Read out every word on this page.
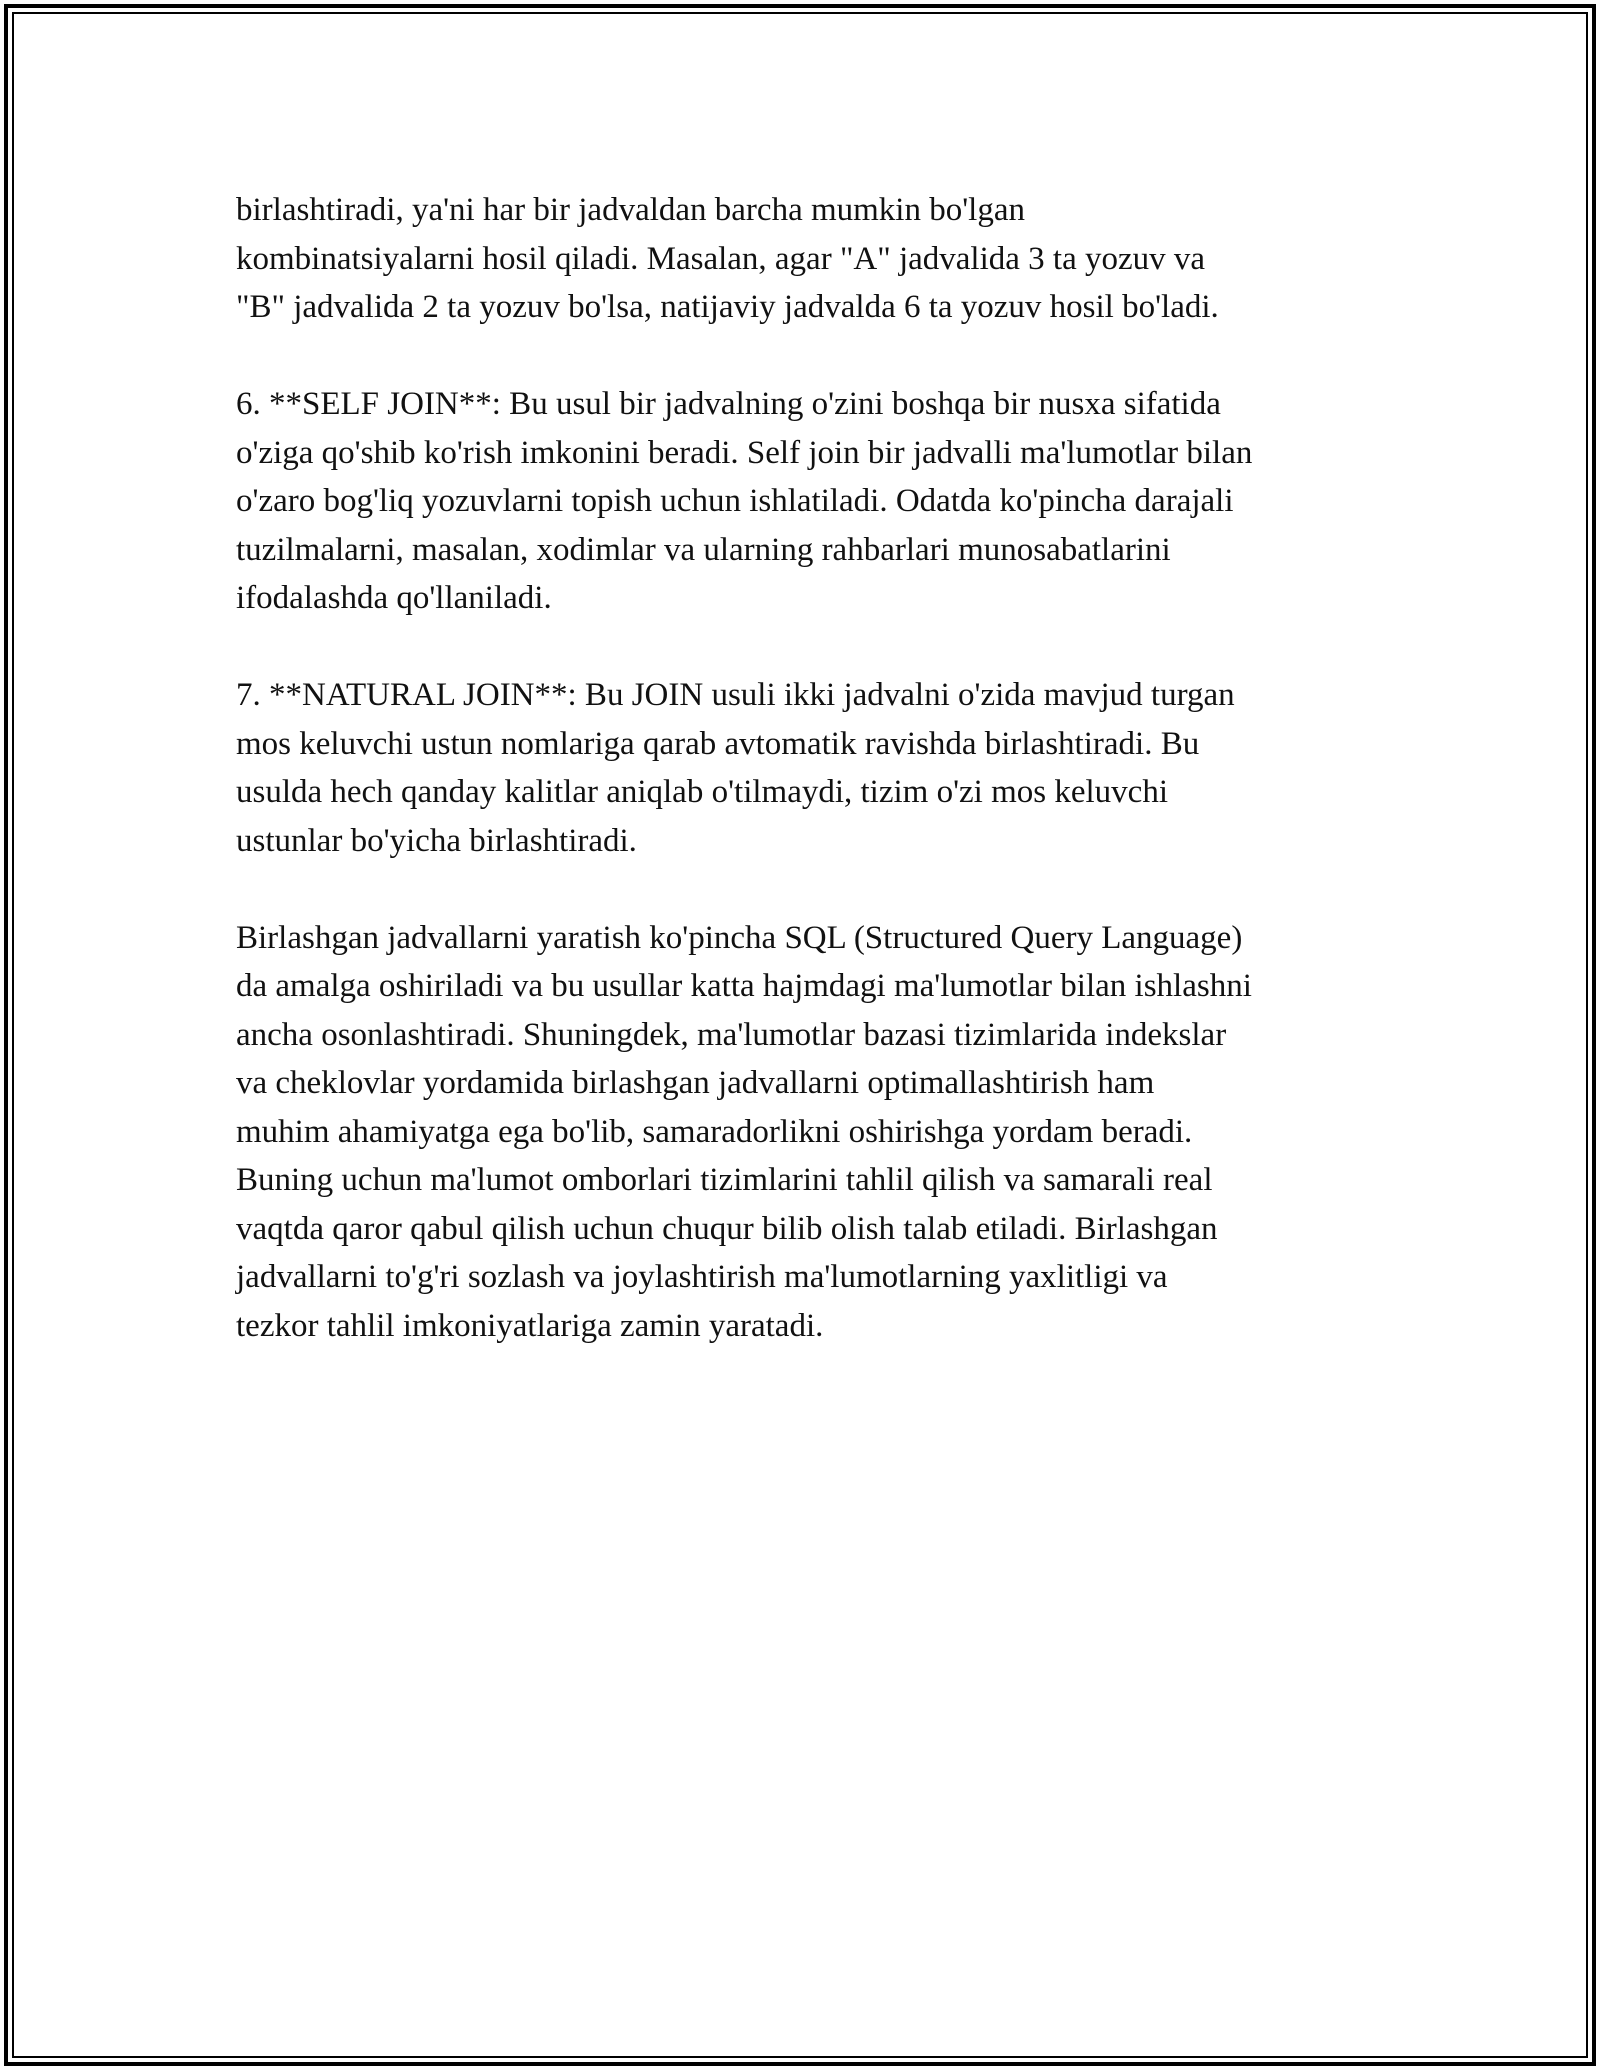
birlashtiradi, ya'ni har bir jadvaldan barcha mumkin bo'lgan
kombinatsiyalarni hosil qiladi. Masalan, agar "A" jadvalida 3 ta yozuv va
"B" jadvalida 2 ta yozuv bo'lsa, natijaviy jadvalda 6 ta yozuv hosil bo'ladi.

6. **SELF JOIN**: Bu usul bir jadvalning o'zini boshqa bir nusxa sifatida
o'ziga qo'shib ko'rish imkonini beradi. Self join bir jadvalli ma'lumotlar bilan
o'zaro bog'liq yozuvlarni topish uchun ishlatiladi. Odatda ko'pincha darajali
tuzilmalarni, masalan, xodimlar va ularning rahbarlari munosabatlarini
ifodalashda qo'llaniladi.

7. **NATURAL JOIN**: Bu JOIN usuli ikki jadvalni o'zida mavjud turgan
mos keluvchi ustun nomlariga qarab avtomatik ravishda birlashtiradi. Bu
usulda hech qanday kalitlar aniqlab o'tilmaydi, tizim o'zi mos keluvchi
ustunlar bo'yicha birlashtiradi.

Birlashgan jadvallarni yaratish ko'pincha SQL (Structured Query Language)
da amalga oshiriladi va bu usullar katta hajmdagi ma'lumotlar bilan ishlashni
ancha osonlashtiradi. Shuningdek, ma'lumotlar bazasi tizimlarida indekslar
va cheklovlar yordamida birlashgan jadvallarni optimallashtirish ham
muhim ahamiyatga ega bo'lib, samaradorlikni oshirishga yordam beradi.
Buning uchun ma'lumot omborlari tizimlarini tahlil qilish va samarali real
vaqtda qaror qabul qilish uchun chuqur bilib olish talab etiladi. Birlashgan
jadvallarni to'g'ri sozlash va joylashtirish ma'lumotlarning yaxlitligi va
tezkor tahlil imkoniyatlariga zamin yaratadi.
